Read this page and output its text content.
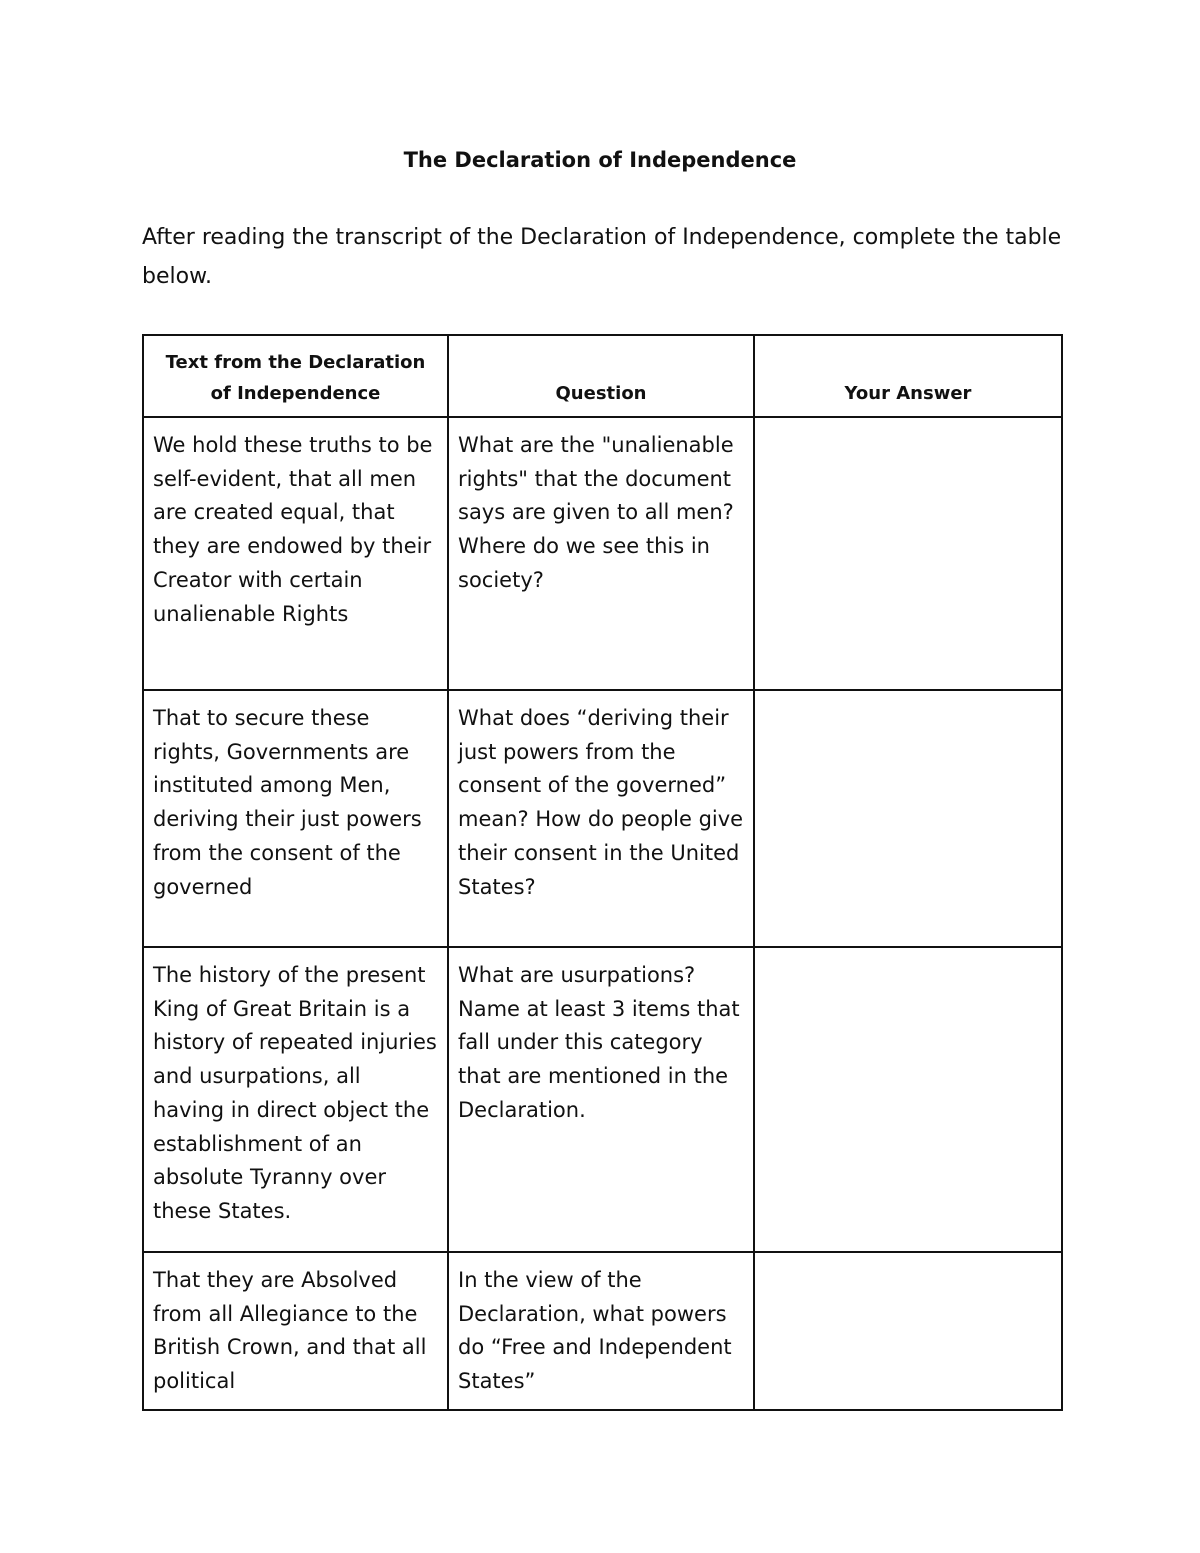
The Declaration of Independence
After reading the transcript of the Declaration of Independence, complete the table below.
Text from the Declaration of Independence	Question	Your Answer
We hold these truths to be self-evident, that all men are created equal, that they are endowed by their Creator with certain unalienable Rights	What are the "unalienable rights" that the document says are given to all men? Where do we see this in society?	
That to secure these rights, Governments are instituted among Men, deriving their just powers from the consent of the governed	What does “deriving their just powers from the consent of the governed” mean? How do people give their consent in the United States?	
The history of the present King of Great Britain is a history of repeated injuries and usurpations, all having in direct object the establishment of an absolute Tyranny over these States.	What are usurpations? Name at least 3 items that fall under this category that are mentioned in the Declaration.	
That they are Absolved from all Allegiance to the British Crown, and that all political	In the view of the Declaration, what powers do “Free and Independent States”	
